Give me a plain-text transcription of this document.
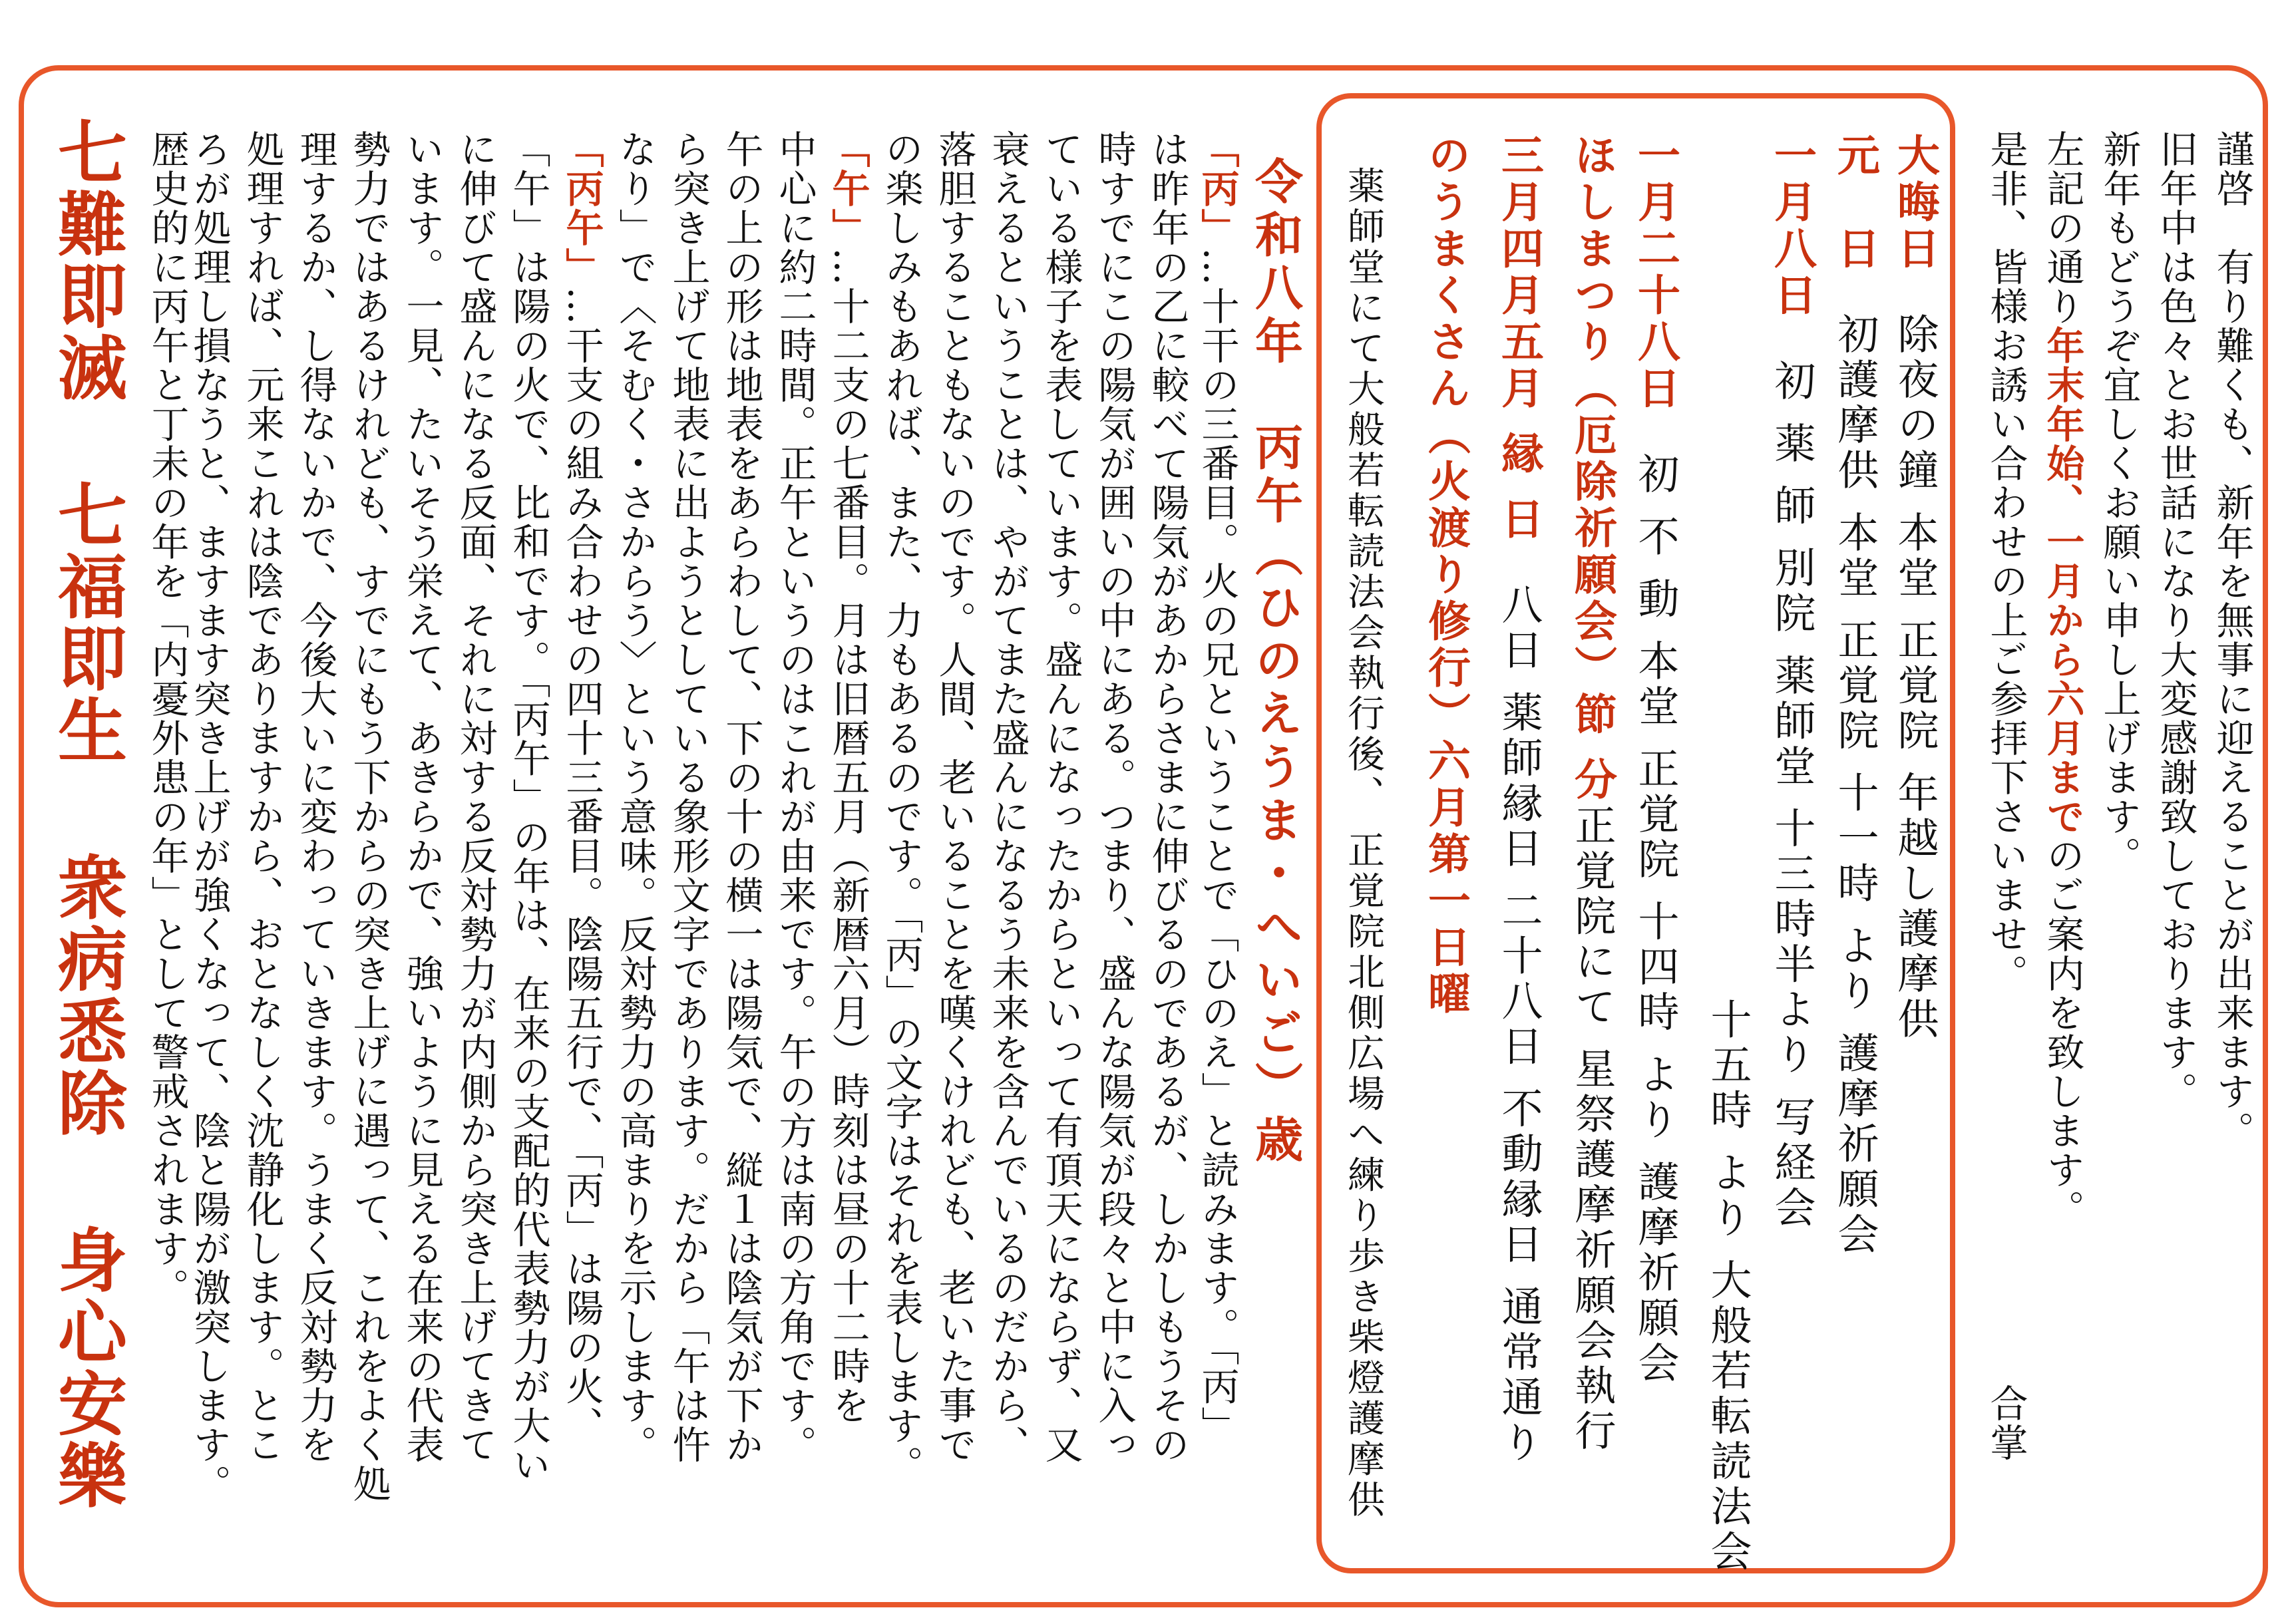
謹啓　有り難くも、新年を無事に迎えることが出来ます。

旧年中は色々とお世話になり大変感謝致しております。

新年もどうぞ宜しくお願い申し上げます。

左記の通り年末年始、一月から六月までのご案内を致します。

是非、皆様お誘い合わせの上ご参拝下さいませ。

合掌

大晦日除夜の鐘 本堂 正覚院 年越し護摩供

元　日初護摩供 本堂 正覚院 十一時 より 護摩祈願会

一月八日初 薬 師 別院 薬師堂 十三時半より 写経会

十五時 より 大般若転読法会

一月二十八日初 不 動 本堂 正覚院 十四時 より 護摩祈願会

ほしまつり（厄除祈願会）節 分正覚院にて 星祭護摩祈願会執行

三月四月五月 縁 日八日 薬師縁日 二十八日 不動縁日 通常通り

のうまくさん（火渡り修行）六月第一日曜

薬師堂にて大般若転読法会執行後、 正覚院北側広場へ練り歩き柴燈護摩供

令和八年　丙午（ひのえうま・へいご）歳

「丙」…十干の三番目。火の兄ということで「ひのえ」と読みます。「丙」

は昨年の乙に較べて陽気があからさまに伸びるのであるが、しかしもうその

時すでにこの陽気が囲いの中にある。つまり、盛んな陽気が段々と中に入っ

ている様子を表しています。盛んになったからといって有頂天にならず、又

衰えるということは、やがてまた盛んになるう未来を含んでいるのだから、

落胆することもないのです。人間、老いることを嘆くけれども、老いた事で

の楽しみもあれば、また、力もあるのです。「丙」の文字はそれを表します。

「午」…十二支の七番目。月は旧暦五月（新暦六月）時刻は昼の十二時を

中心に約二時間。正午というのはこれが由来です。午の方は南の方角です。

午の上の形は地表をあらわして、下の十の横一は陽気で、縦１は陰気が下か

ら突き上げて地表に出ようとしている象形文字であります。だから「午は忤

なり」で〈そむく・さからう〉という意味。反対勢力の高まりを示します。

「丙午」…干支の組み合わせの四十三番目。陰陽五行で、「丙」は陽の火、

「午」は陽の火で、比和です。「丙午」の年は、在来の支配的代表勢力が大い

に伸びて盛んになる反面、それに対する反対勢力が内側から突き上げてきて

います。一見、たいそう栄えて、あきらかで、強いように見える在来の代表

勢力ではあるけれども、すでにもう下からの突き上げに遇って、これをよく処

理するか、し得ないかで、今後大いに変わっていきます。うまく反対勢力を

処理すれば、元来これは陰でありますから、おとなしく沈静化します。とこ

ろが処理し損なうと、ますます突き上げが強くなって、陰と陽が激突します。

七難即滅

七福即生

衆病悉除

身心安樂

歴史的に丙午と丁未の年を「内憂外患の年」として警戒されます。
